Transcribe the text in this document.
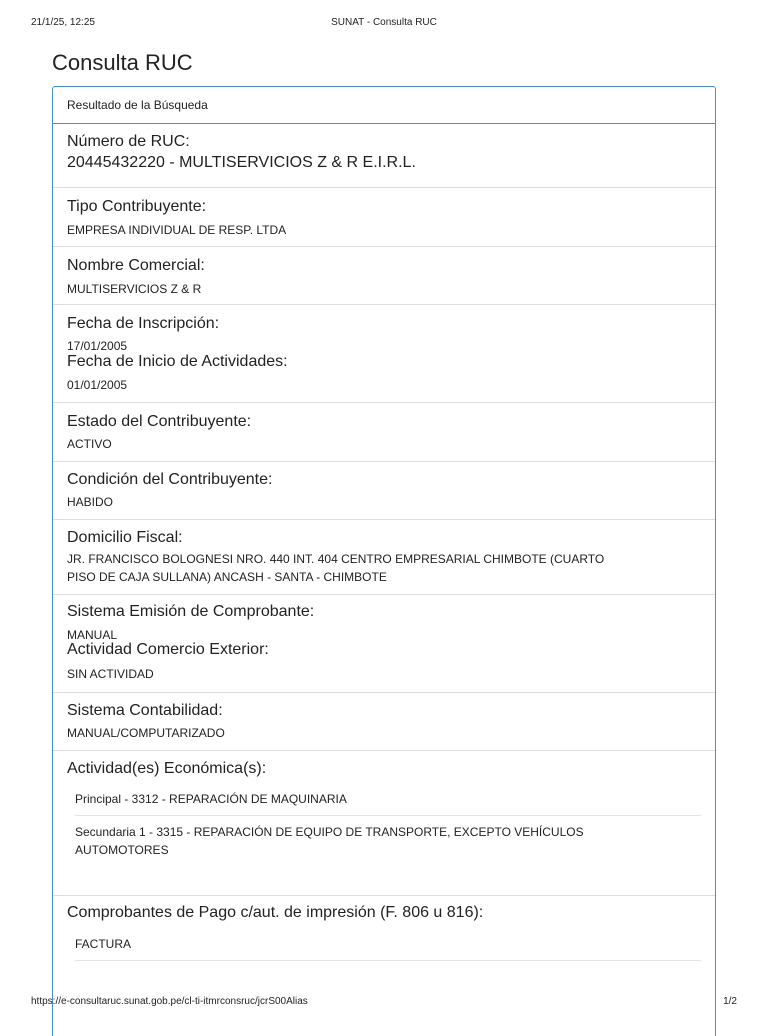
21/1/25, 12:25	SUNAT - Consulta RUC
Consulta RUC
Resultado de la Búsqueda
Número de RUC:
20445432220 - MULTISERVICIOS Z & R E.I.R.L.
Tipo Contribuyente:
EMPRESA INDIVIDUAL DE RESP. LTDA
Nombre Comercial:
MULTISERVICIOS Z & R
Fecha de Inscripción:
17/01/2005
Fecha de Inicio de Actividades:
01/01/2005
Estado del Contribuyente:
ACTIVO
Condición del Contribuyente:
HABIDO
Domicilio Fiscal:
JR. FRANCISCO BOLOGNESI NRO. 440 INT. 404 CENTRO EMPRESARIAL CHIMBOTE (CUARTO
PISO DE CAJA SULLANA) ANCASH - SANTA - CHIMBOTE
Sistema Emisión de Comprobante:
MANUAL
Actividad Comercio Exterior:
SIN ACTIVIDAD
Sistema Contabilidad:
MANUAL/COMPUTARIZADO
Actividad(es) Económica(s):
Principal - 3312 - REPARACIÓN DE MAQUINARIA
Secundaria 1 - 3315 - REPARACIÓN DE EQUIPO DE TRANSPORTE, EXCEPTO VEHÍCULOS
AUTOMOTORES
Comprobantes de Pago c/aut. de impresión (F. 806 u 816):
FACTURA
https://e-consultaruc.sunat.gob.pe/cl-ti-itmrconsruc/jcrS00Alias	1/2
